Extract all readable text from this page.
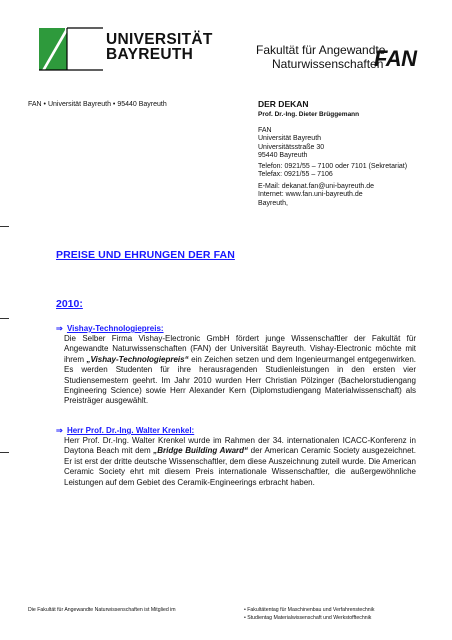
UNIVERSITÄT
BAYREUTH	Fakultät für Angewandte
Naturwissenschaften
FAN
FAN • Universität Bayreuth • 95440 Bayreuth	DER DEKAN
Prof. Dr.-Ing. Dieter Brüggemann
FAN
Universität Bayreuth
Universitätsstraße 30
95440 Bayreuth
Telefon: 0921/55 – 7100 oder 7101 (Sekretariat)
Telefax: 0921/55 – 7106
E-Mail: dekanat.fan@uni-bayreuth.de
Internet: www.fan.uni-bayreuth.de
Bayreuth,
PREISE UND EHRUNGEN DER FAN
2010:
⇒ Vishay-Technologiepreis:
Die Selber Firma Vishay-Electronic GmbH fördert junge Wissenschaftler der Fakultät für Angewandte Naturwissenschaften (FAN) der Universität Bayreuth. Vishay-Electronic möchte mit ihrem „Vishay-Technologiepreis“ ein Zeichen setzen und dem Ingenieurmangel entgegenwirken. Es werden Studenten für ihre herausragenden Studienleistungen in den ersten vier Studiensemestern geehrt. Im Jahr 2010 wurden Herr Christian Pölzinger (Bachelorstudiengang Engineering Science) sowie Herr Alexander Kern (Diplomstudiengang Materialwissenschaft) als Preisträger ausgewählt.
⇒ Herr Prof. Dr.-Ing. Walter Krenkel:
Herr Prof. Dr.-Ing. Walter Krenkel wurde im Rahmen der 34. internationalen ICACC-Konferenz in Daytona Beach mit dem „Bridge Building Award“ der American Ceramic Society ausgezeichnet. Er ist erst der dritte deutsche Wissenschaftler, dem diese Auszeichnung zuteil wurde. Die American Ceramic Society ehrt mit diesem Preis internationale Wissenschaftler, die außergewöhnliche Leistungen auf dem Gebiet des Ceramik-Engineerings erbracht haben.
Die Fakultät für Angewandte Naturwissenschaften ist Mitglied im	• Fakultätentag für Maschinenbau und Verfahrenstechnik
• Studientag Materialwissenschaft und Werkstofftechnik
